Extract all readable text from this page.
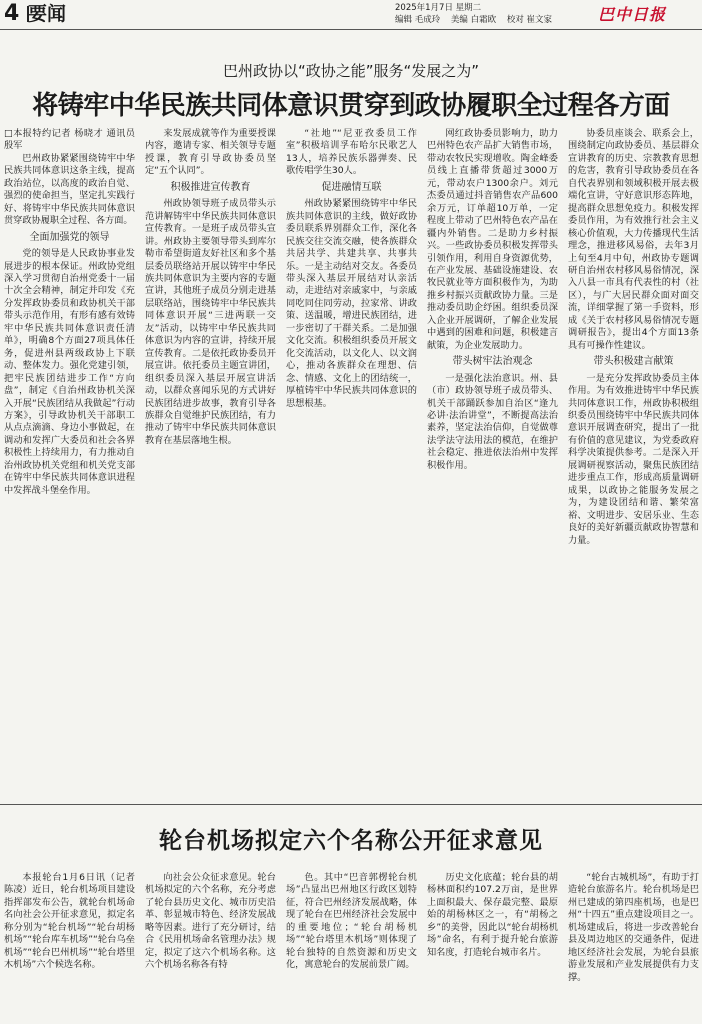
4 要闻	2025年1月7日 星期二
编辑 毛成玲 美编 白霜欧 校对 崔文家	巴中日报
巴州政协以“政协之能”服务“发展之为”
将铸牢中华民族共同体意识贯穿到政协履职全过程各方面

□本报特约记者 杨晓才 通讯员 殷军

巴州政协紧紧围绕铸牢中华民族共同体意识这条主线，提高政治站位，以高度的政治自觉、强烈的使命担当，坚定扎实践行好、将铸牢中华民族共同体意识贯穿政协履职全过程、各方面。

全面加强党的领导

党的领导是人民政协事业发展进步的根本保证。州政协党组深入学习贯彻自治州党委十一届十次全会精神，制定并印发《充分发挥政协委员和政协机关干部带头示范作用，有形有感有效铸牢中华民族共同体意识责任清单》，明确8个方面27项具体任务，促进州县两级政协上下联动、整体发力。强化党建引领，把牢民族团结进步工作“方向盘”，制定《自治州政协机关深入开展“民族团结从我做起”行动方案》，引导政协机关干部职工从点点滴滴、身边小事做起，在调动和发挥广大委员和社会各界积极性上持续用力，有力推动自治州政协机关党组和机关党支部在铸牢中华民族共同体意识进程中发挥战斗堡垒作用。

来发展成就等作为重要授课内容，邀请专家、相关领导专题授课，教育引导政协委员坚定“五个认同”。

积极推进宣传教育

州政协领导班子成员带头示范讲解铸牢中华民族共同体意识宣传教育。一是班子成员带头宣讲。州政协主要领导带头到库尔勒市希望街道友好社区和多个基层委员联络站开展以铸牢中华民族共同体意识为主要内容的专题宣讲，其他班子成员分别走进基层联络站，围绕铸牢中华民族共同体意识开展“三进两联一交友”活动，以铸牢中华民族共同体意识为内容的宣讲，持续开展宣传教育。二是依托政协委员开展宣讲。依托委员主题宣讲团，组织委员深入基层开展宣讲活动，以群众喜闻乐见的方式讲好民族团结进步故事，教育引导各族群众自觉维护民族团结，有力推动了铸牢中华民族共同体意识教育在基层落地生根。

“社地”“尼亚孜委员工作室”积极培训孚布哈尔民歌艺人13人，培养民族乐器弹奏、民歌传唱学生30人。

促进融情互联

州政协紧紧围绕铸牢中华民族共同体意识的主线，做好政协委员联系界别群众工作，深化各民族交往交流交融，使各族群众共居共学、共建共享、共事共乐。一是主动结对交友。各委员带头深入基层开展结对认亲活动，走进结对亲戚家中，与亲戚同吃同住同劳动，拉家常、讲政策、送温暖，增进民族团结，进一步密切了干群关系。二是加强文化交流。积极组织委员开展文化交流活动，以文化人、以文润心，推动各族群众在理想、信念、情感、文化上的团结统一，厚植铸牢中华民族共同体意识的思想根基。

网红政协委员影响力，助力巴州特色农产品扩大销售市场，带动农牧民实现增收。陶金峰委员线上直播带货超过3000万元，带动农户1300余户。刘元杰委员通过抖音销售农产品600余万元，订单超10万单，一定程度上带动了巴州特色农产品在疆内外销售。二是助力乡村振兴。一些政协委员积极发挥带头引领作用，利用自身资源优势，在产业发展、基础设施建设、农牧民就业等方面积极作为，为助推乡村振兴贡献政协力量。三是推动委员助企纾困。组织委员深入企业开展调研，了解企业发展中遇到的困难和问题，积极建言献策，为企业发展助力。

带头树牢法治观念

一是强化法治意识。州、县（市）政协领导班子成员带头、机关干部踊跃参加自治区“逢九必讲·法治讲堂”，不断提高法治素养，坚定法治信仰，自觉做尊法学法守法用法的模范，在维护社会稳定、推进依法治州中发挥积极作用。

协委员座谈会、联系会上，围绕制定向政协委员、基层群众宣讲教育的历史、宗教教育思想的危害，教育引导政协委员在各自代表界别和领域积极开展去极端化宣讲，守好意识形态阵地，提高群众思想免疫力。积极发挥委员作用，为有效推行社会主义核心价值观，大力传播现代生活理念，推进移风易俗，去年3月上旬至4月中旬，州政协专题调研自治州农村移风易俗情况，深入八县一市具有代表性的村（社区），与广大居民群众面对面交流，详细掌握了第一手资料，形成《关于农村移风易俗情况专题调研报告》，提出4个方面13条具有可操作性建议。

带头积极建言献策

一是充分发挥政协委员主体作用。为有效推进铸牢中华民族共同体意识工作，州政协积极组织委员围绕铸牢中华民族共同体意识开展调查研究，提出了一批有价值的意见建议，为党委政府科学决策提供参考。二是深入开展调研视察活动，聚焦民族团结进步重点工作，形成高质量调研成果，以政协之能服务发展之为，为建设团结和谐、繁荣富裕、文明进步、安居乐业、生态良好的美好新疆贡献政协智慧和力量。

轮台机场拟定六个名称公开征求意见

本报轮台1月6日讯（记者 陈凌）近日，轮台机场项目建设指挥部发布公告，就轮台机场命名向社会公开征求意见，拟定名称分别为“轮台机场”“轮台胡杨机场”“轮台库车机场”“轮台乌垒机场”“轮台巴州机场”“轮台塔里木机场”六个候选名称。

向社会公众征求意见。轮台机场拟定的六个名称，充分考虑了轮台县历史文化、城市历史沿革、彰显城市特色、经济发展战略等因素。进行了充分研讨，结合《民用机场命名管理办法》规定，拟定了这六个机场名称。这六个机场名称各有特

色。其中“巴音郭楞轮台机场”凸显出巴州地区行政区划特征，符合巴州经济发展战略，体现了轮台在巴州经济社会发展中的重要地位；“轮台胡杨机场”“轮台塔里木机场”则体现了轮台独特的自然资源和历史文化，寓意轮台的发展前景广阔。

历史文化底蕴；轮台县的胡杨林面积约107.2万亩，是世界上面积最大、保存最完整、最原始的胡杨林区之一，有“胡杨之乡”的美誉，因此以“轮台胡杨机场”命名，有利于提升轮台旅游知名度，打造轮台城市名片。

“轮台古城机场”，有助于打造轮台旅游名片。轮台机场是巴州已建成的第四座机场，也是巴州“十四五”重点建设项目之一。机场建成后，将进一步改善轮台县及周边地区的交通条件，促进地区经济社会发展，为轮台县旅游业发展和产业发展提供有力支撑。
